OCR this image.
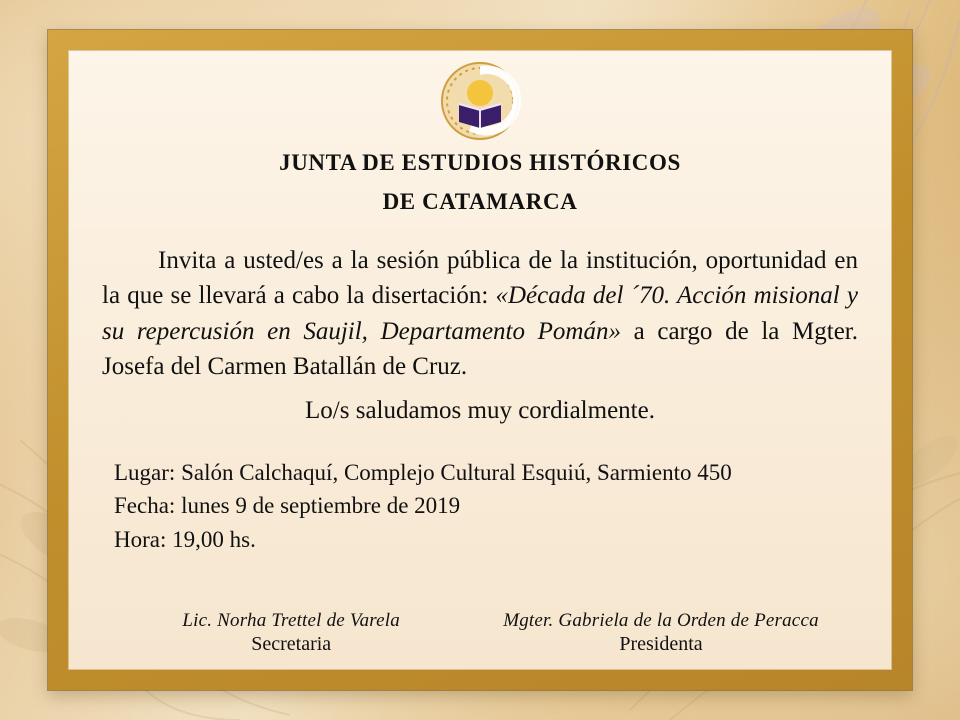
JUNTA DE ESTUDIOS HISTÓRICOS
DE CATAMARCA
Invita a usted/es a la sesión pública de la institución, oportunidad en la que se llevará a cabo la disertación: «Década del ´70. Acción misional y su repercusión en Saujil, Departamento Pomán» a cargo de la Mgter. Josefa del Carmen Batallán de Cruz.
Lo/s saludamos muy cordialmente.
Lugar: Salón Calchaquí, Complejo Cultural Esquiú, Sarmiento 450
Fecha: lunes 9 de septiembre de 2019
Hora: 19,00 hs.
Lic. Norha Trettel de Varela
Secretaria
Mgter. Gabriela de la Orden de Peracca
Presidenta
